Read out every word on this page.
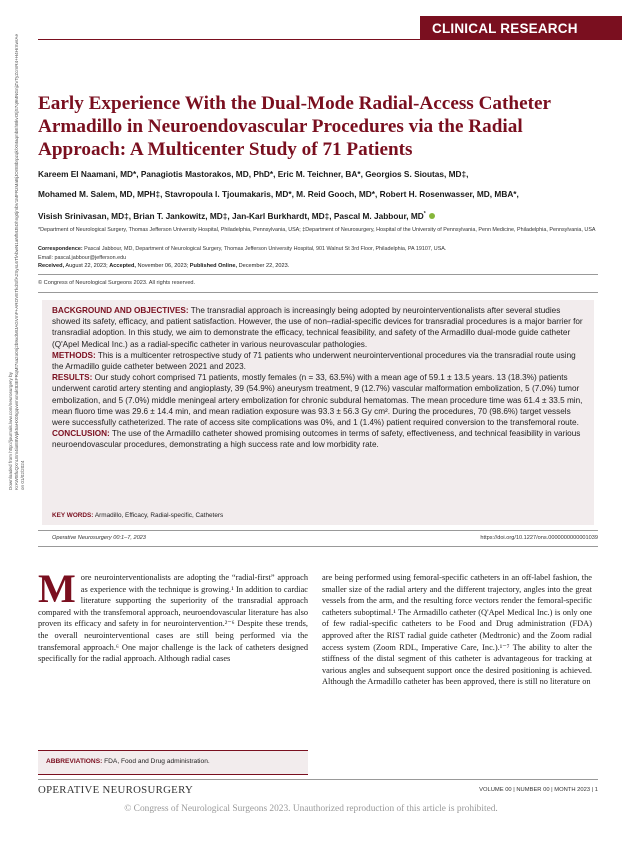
CLINICAL RESEARCH
Downloaded from http://journals.lww.com/neurosurgery by KrAWt8fuQXnLEm4ioEBWpk5aHX05gqvwmsnukt83EFRqMt7sa2o0nj2b9xdMIJAGVmF+AROVETkdS/fA2SysL6TfAbwN1aNfMJ5Dhng0jmbV1MFRzMaBjJOrE8brpzqk/XMaqmbEhBkvOtjS7q9MNGnjZVTyZcmR4+H4HrXwrAe on 01/02/2024
Early Experience With the Dual-Mode Radial-Access Catheter Armadillo in Neuroendovascular Procedures via the Radial Approach: A Multicenter Study of 71 Patients
Kareem El Naamani, MD*, Panagiotis Mastorakos, MD, PhD*, Eric M. Teichner, BA*, Georgios S. Sioutas, MD‡,
Mohamed M. Salem, MD, MPH‡, Stavropoula I. Tjoumakaris, MD*, M. Reid Gooch, MD*, Robert H. Rosenwasser, MD, MBA*,
Visish Srinivasan, MD‡, Brian T. Jankowitz, MD‡, Jan-Karl Burkhardt, MD‡, Pascal M. Jabbour, MD*
*Department of Neurological Surgery, Thomas Jefferson University Hospital, Philadelphia, Pennsylvania, USA; ‡Department of Neurosurgery, Hospital of the University of Pennsylvania, Penn Medicine, Philadelphia, Pennsylvania, USA
Correspondence: Pascal Jabbour, MD, Department of Neurological Surgery, Thomas Jefferson University Hospital, 901 Walnut St 3rd Floor, Philadelphia, PA 19107, USA.
Email: pascal.jabbour@jefferson.edu
Received, August 22, 2023; Accepted, November 06, 2023; Published Online, December 22, 2023.
© Congress of Neurological Surgeons 2023. All rights reserved.

BACKGROUND AND OBJECTIVES: The transradial approach is increasingly being adopted by neurointerventionalists after several studies showed its safety, efficacy, and patient satisfaction. However, the use of non–radial-specific devices for transradial procedures is a major barrier for transradial adoption. In this study, we aim to demonstrate the efficacy, technical feasibility, and safety of the Armadillo dual-mode guide catheter (Q'Apel Medical Inc.) as a radial-specific catheter in various neurovascular pathologies.

METHODS: This is a multicenter retrospective study of 71 patients who underwent neurointerventional procedures via the transradial route using the Armadillo guide catheter between 2021 and 2023.

RESULTS: Our study cohort comprised 71 patients, mostly females (n = 33, 63.5%) with a mean age of 59.1 ± 13.5 years. 13 (18.3%) patients underwent carotid artery stenting and angioplasty, 39 (54.9%) aneurysm treatment, 9 (12.7%) vascular malformation embolization, 5 (7.0%) tumor embolization, and 5 (7.0%) middle meningeal artery embolization for chronic subdural hematomas. The mean procedure time was 61.4 ± 33.5 min, mean fluoro time was 29.6 ± 14.4 min, and mean radiation exposure was 93.3 ± 56.3 Gy cm². During the procedures, 70 (98.6%) target vessels were successfully catheterized. The rate of access site complications was 0%, and 1 (1.4%) patient required conversion to the transfemoral route.

CONCLUSION: The use of the Armadillo catheter showed promising outcomes in terms of safety, effectiveness, and technical feasibility in various neuroendovascular procedures, demonstrating a high success rate and low morbidity rate.

KEY WORDS: Armadillo, Efficacy, Radial-specific, Catheters
Operative Neurosurgery 00:1–7, 2023	https://doi.org/10.1227/ons.0000000000001039
More neurointerventionalists are adopting the “radial-first” approach as experience with the technique is growing.¹ In addition to cardiac literature supporting the superiority of the transradial approach compared with the transfemoral approach, neuroendovascular literature has also proven its efficacy and safety in for neurointervention.²⁻⁶ Despite these trends, the overall neurointerventional cases are still being performed via the transfemoral approach.⁶ One major challenge is the lack of catheters designed specifically for the radial approach. Although radial cases
are being performed using femoral-specific catheters in an off-label fashion, the smaller size of the radial artery and the different trajectory, angles into the great vessels from the arm, and the resulting force vectors render the femoral-specific catheters suboptimal.¹ The Armadillo catheter (Q'Apel Medical Inc.) is only one of few radial-specific catheters to be Food and Drug administration (FDA) approved after the RIST radial guide catheter (Medtronic) and the Zoom radial access system (Zoom RDL, Imperative Care, Inc.).¹⁻⁷ The ability to alter the stiffness of the distal segment of this catheter is advantageous for tracking at various angles and subsequent support once the desired positioning is achieved. Although the Armadillo catheter has been approved, there is still no literature on
ABBREVIATIONS: FDA, Food and Drug administration.
OPERATIVE NEUROSURGERY	VOLUME 00 | NUMBER 00 | MONTH 2023 | 1
© Congress of Neurological Surgeons 2023. Unauthorized reproduction of this article is prohibited.
